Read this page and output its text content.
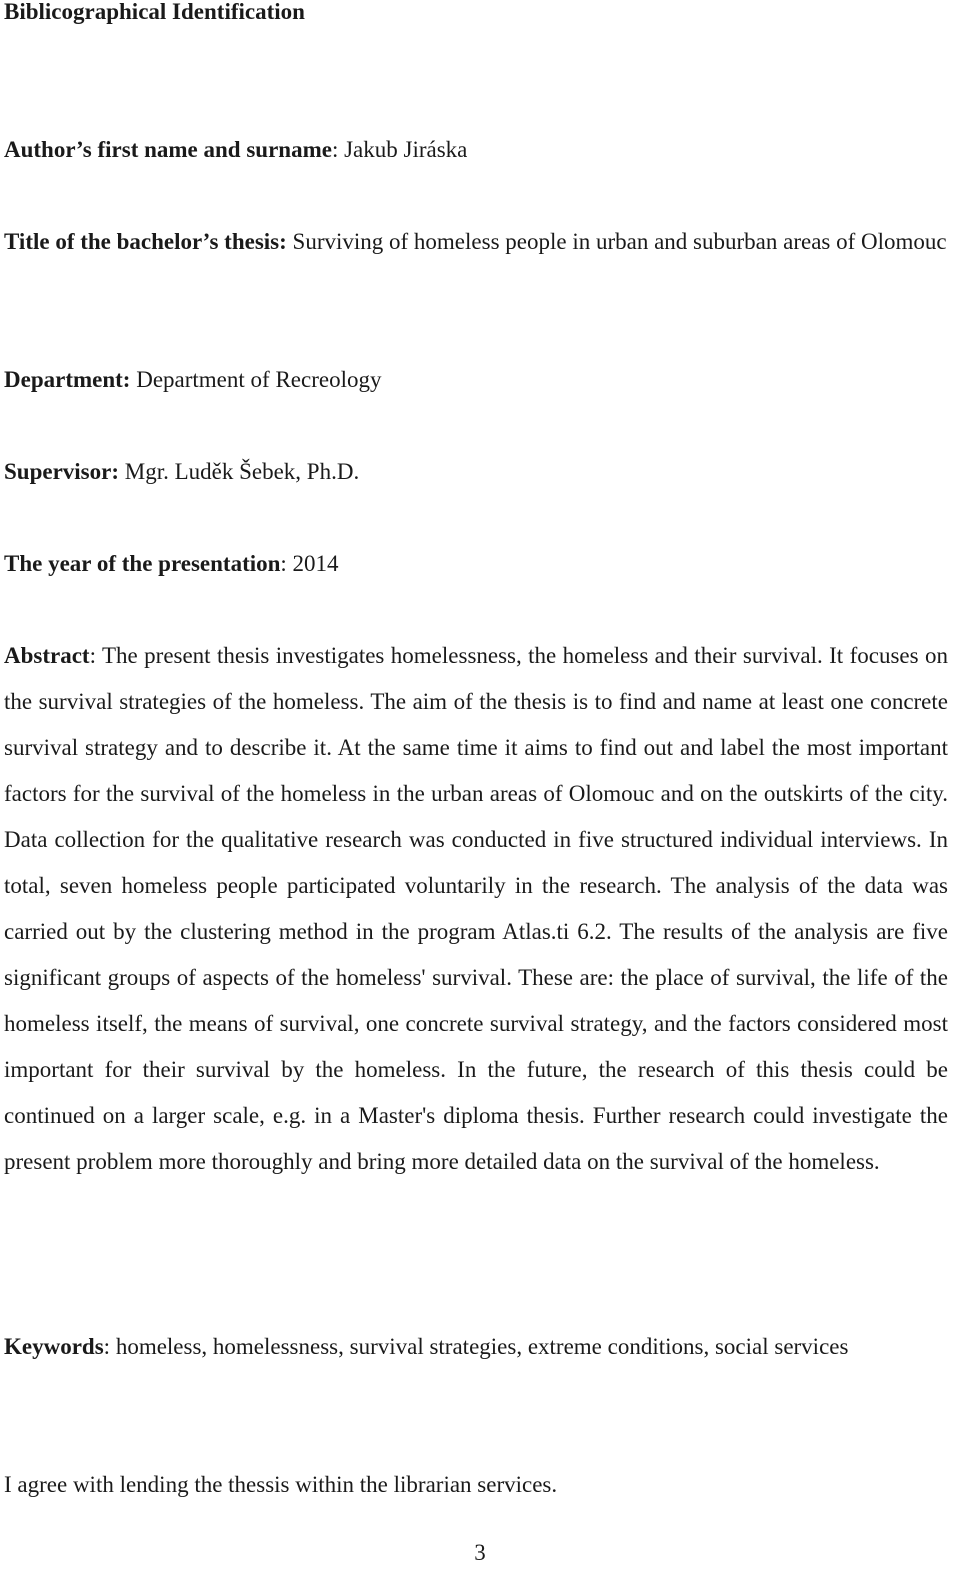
Biblicographical Identification

Author’s first name and surname: Jakub Jiráska

Title of the bachelor’s thesis: Surviving of homeless people in urban and suburban areas of Olomouc

Department: Department of Recreology

Supervisor: Mgr. Luděk Šebek, Ph.D.

The year of the presentation: 2014

Abstract: The present thesis investigates homelessness, the homeless and their survival. It focuses on the survival strategies of the homeless. The aim of the thesis is to find and name at least one concrete survival strategy and to describe it. At the same time it aims to find out and label the most important factors for the survival of the homeless in the urban areas of Olomouc and on the outskirts of the city. Data collection for the qualitative research was conducted in five structured individual interviews. In total, seven homeless people participated voluntarily in the research. The analysis of the data was carried out by the clustering method in the program Atlas.ti 6.2. The results of the analysis are five significant groups of aspects of the homeless' survival. These are: the place of survival, the life of the homeless itself, the means of survival, one concrete survival strategy, and the factors considered most important for their survival by the homeless. In the future, the research of this thesis could be continued on a larger scale, e.g. in a Master's diploma thesis. Further research could investigate the present problem more thoroughly and bring more detailed data on the survival of the homeless.

Keywords: homeless, homelessness, survival strategies, extreme conditions, social services

I agree with lending the thessis within the librarian services.

3
